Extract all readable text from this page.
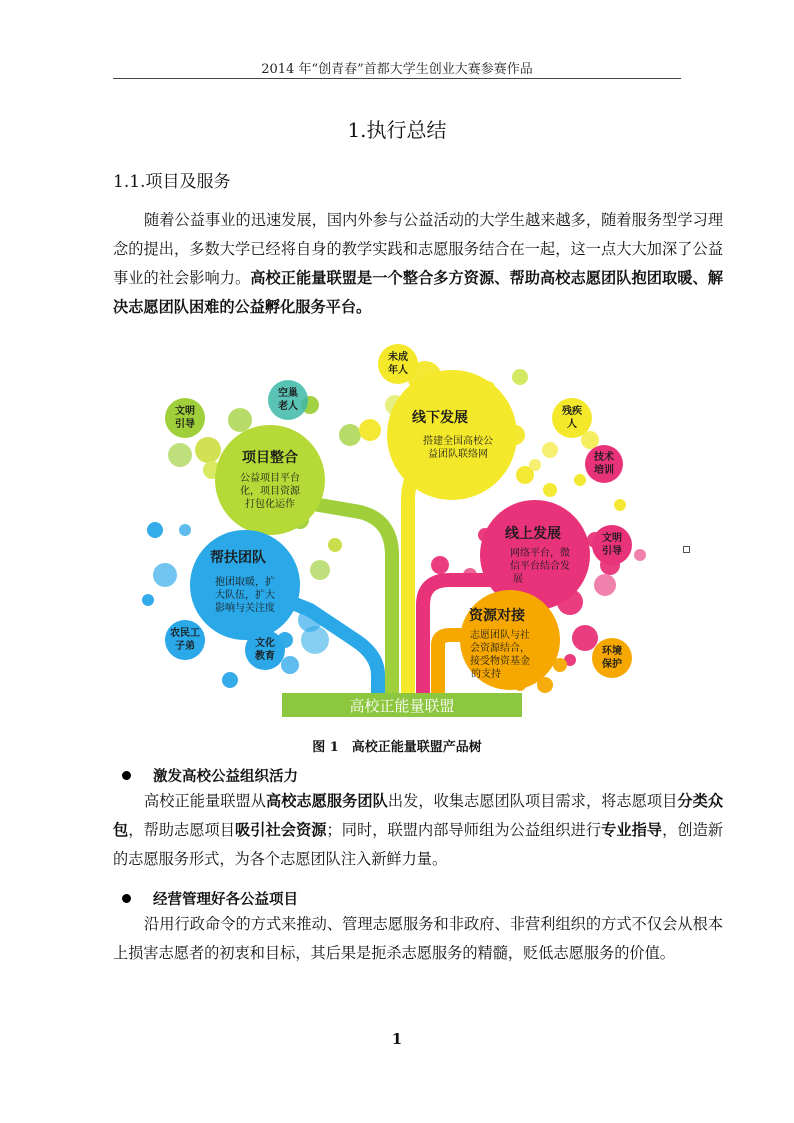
2014 年“创青春”首都大学生创业大赛参赛作品
1.执行总结
1.1.项目及服务
随着公益事业的迅速发展，国内外参与公益活动的大学生越来越多，随着服务型学习理念的提出，多数大学已经将自身的教学实践和志愿服务结合在一起，这一点大大加深了公益事业的社会影响力。高校正能量联盟是一个整合多方资源、帮助高校志愿团队抱团取暖、解决志愿团队困难的公益孵化服务平台。
项目整合
公益项目平台
化，项目资源
打包化运作
线下发展
搭建全国高校公
益团队联络网
帮扶团队
抱团取暖，扩
大队伍，扩大
影响与关注度
线上发展
网络平台，微
信平台结合发
展
资源对接
志愿团队与社
会资源结合，
接受物资基金
的支持
未成
年人
空巢
老人
文明
引导
残疾
人
技术
培训
文明
引导
农民工
子弟	文化
教育	环境
保护
高校正能量联盟
图 1　高校正能量联盟产品树
激发高校公益组织活力
高校正能量联盟从高校志愿服务团队出发，收集志愿团队项目需求，将志愿项目分类众包，帮助志愿项目吸引社会资源；同时，联盟内部导师组为公益组织进行专业指导，创造新的志愿服务形式，为各个志愿团队注入新鲜力量。
经营管理好各公益项目
沿用行政命令的方式来推动、管理志愿服务和非政府、非营利组织的方式不仅会从根本上损害志愿者的初衷和目标，其后果是扼杀志愿服务的精髓，贬低志愿服务的价值。
1
